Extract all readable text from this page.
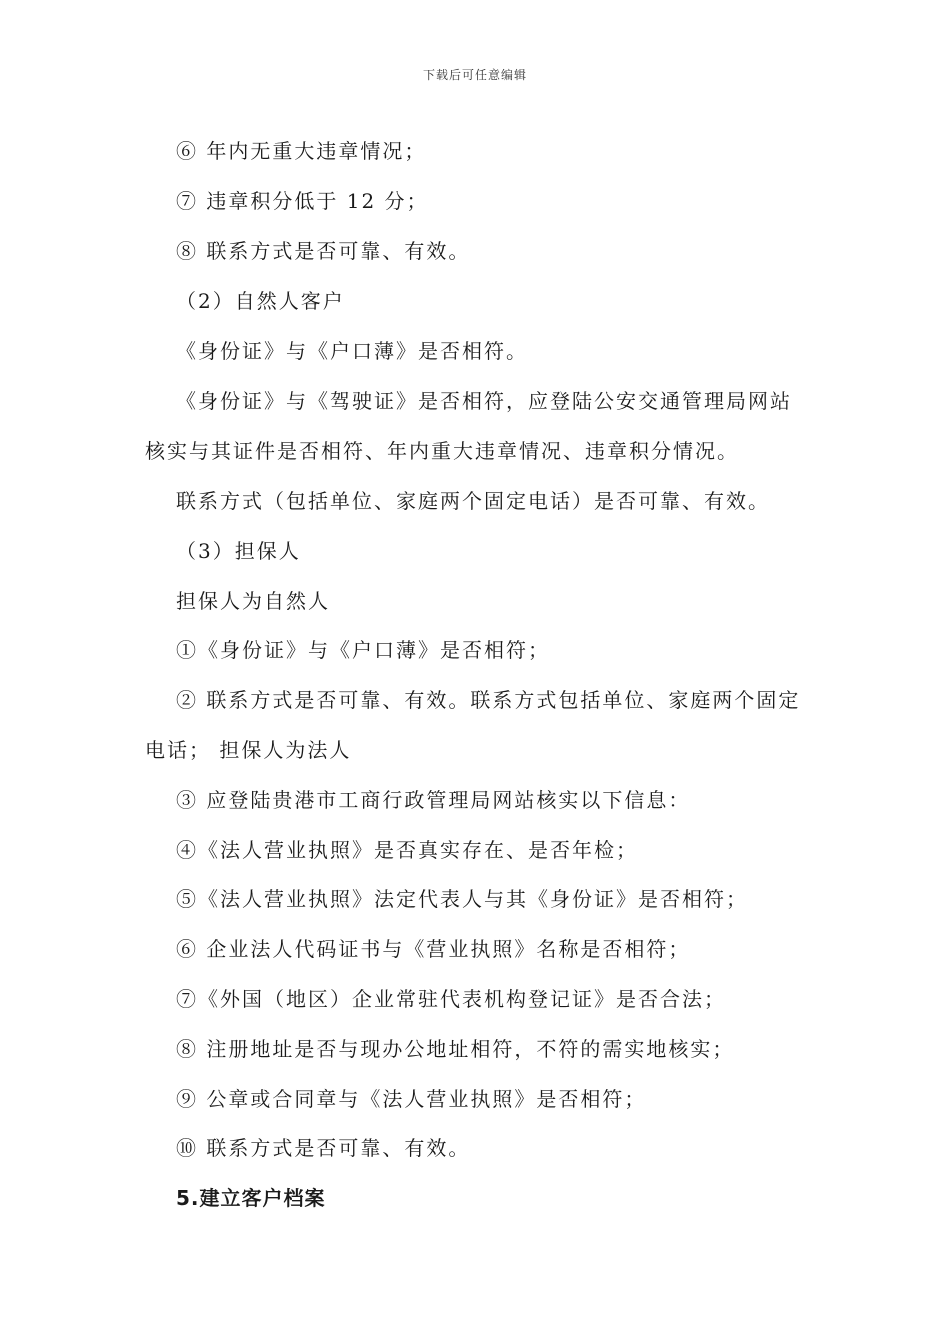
下载后可任意编辑
⑥ 年内无重大违章情况；
⑦ 违章积分低于 12 分；
⑧ 联系方式是否可靠、有效。
（2）自然人客户
《身份证》与《户口薄》是否相符。
《身份证》与《驾驶证》是否相符，应登陆公安交通管理局网站
核实与其证件是否相符、年内重大违章情况、违章积分情况。
联系方式（包括单位、家庭两个固定电话）是否可靠、有效。
（3）担保人
担保人为自然人
①《身份证》与《户口薄》是否相符；
② 联系方式是否可靠、有效。联系方式包括单位、家庭两个固定
电话； 担保人为法人
③ 应登陆贵港市工商行政管理局网站核实以下信息：
④《法人营业执照》是否真实存在、是否年检；
⑤《法人营业执照》法定代表人与其《身份证》是否相符；
⑥ 企业法人代码证书与《营业执照》名称是否相符；
⑦《外国（地区）企业常驻代表机构登记证》是否合法；
⑧ 注册地址是否与现办公地址相符，不符的需实地核实；
⑨ 公章或合同章与《法人营业执照》是否相符；
⑩ 联系方式是否可靠、有效。
5.建立客户档案
